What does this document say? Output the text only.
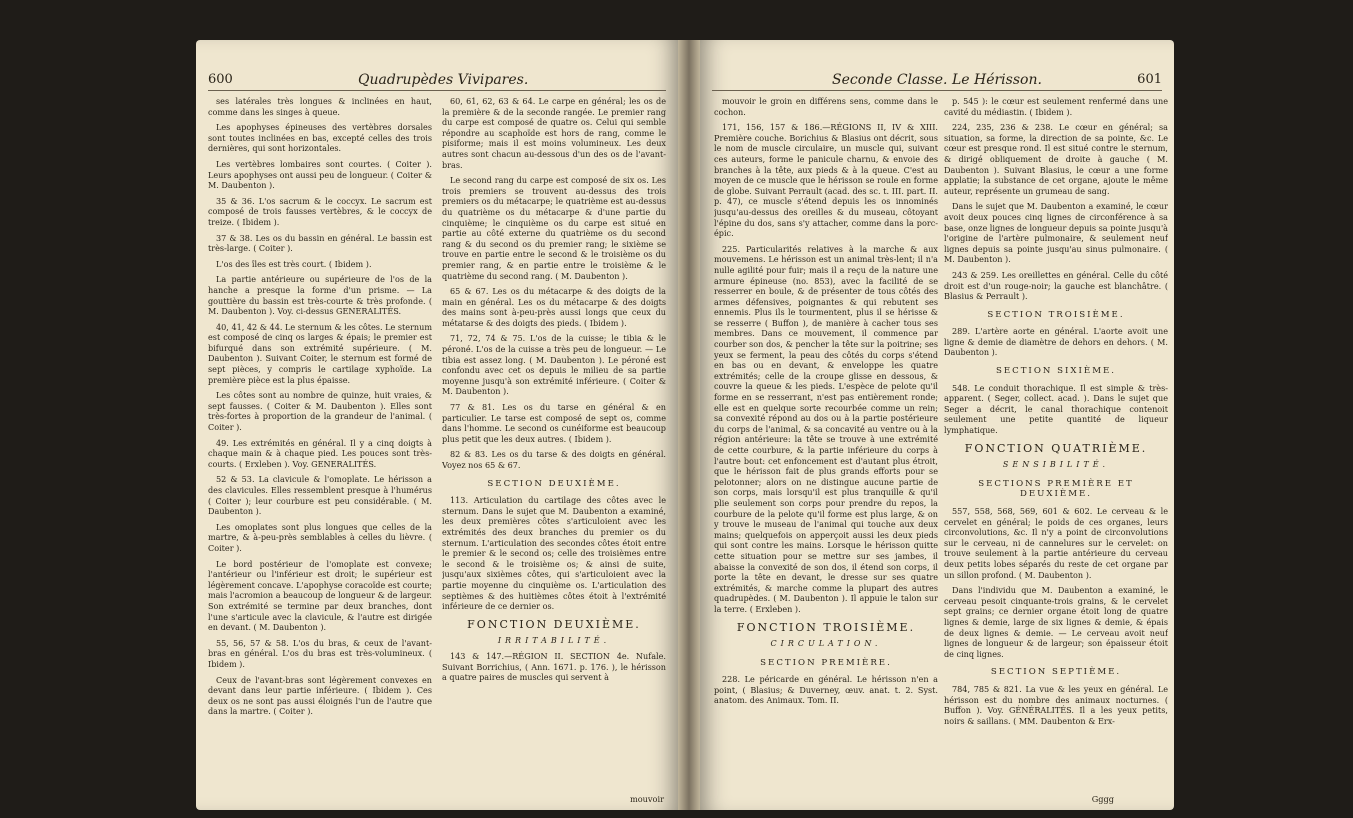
600	Quadrupèdes Vivipares.

ses latérales très longues & inclinées en haut, comme dans les singes à queue.

Les apophyses épineuses des vertèbres dorsales sont toutes inclinées en bas, excepté celles des trois dernières, qui sont horizontales.

Les vertèbres lombaires sont courtes. ( Coiter ). Leurs apophyses ont aussi peu de longueur. ( Coiter & M. Daubenton ).

35 & 36. L'os sacrum & le coccyx. Le sacrum est composé de trois fausses vertèbres, & le coccyx de treize. ( Ibidem ).

37 & 38. Les os du bassin en général. Le bassin est très-large. ( Coiter ).

L'os des îles est très court. ( Ibidem ).

La partie antérieure ou supérieure de l'os de la hanche a presque la forme d'un prisme. — La gouttière du bassin est très-courte & très profonde. ( M. Daubenton ). Voy. ci-dessus GENERALITÉS.

40, 41, 42 & 44. Le sternum & les côtes. Le sternum est composé de cinq os larges & épais; le premier est bifurqué dans son extrémité supérieure. ( M. Daubenton ). Suivant Coiter, le sternum est formé de sept pièces, y compris le cartilage xyphoïde. La première pièce est la plus épaisse.

Les côtes sont au nombre de quinze, huit vraies, & sept fausses. ( Coiter & M. Daubenton ). Elles sont très-fortes à proportion de la grandeur de l'animal. ( Coiter ).

49. Les extrémités en général. Il y a cinq doigts à chaque main & à chaque pied. Les pouces sont très-courts. ( Erxleben ). Voy. GENERALITÉS.

52 & 53. La clavicule & l'omoplate. Le hérisson a des clavicules. Elles ressemblent presque à l'humérus ( Coiter ); leur courbure est peu considérable. ( M. Daubenton ).

Les omoplates sont plus longues que celles de la martre, & à-peu-près semblables à celles du lièvre. ( Coiter ).

Le bord postérieur de l'omoplate est convexe; l'antérieur ou l'inférieur est droit; le supérieur est légèrement concave. L'apophyse coracoïde est courte; mais l'acromion a beaucoup de longueur & de largeur. Son extrémité se termine par deux branches, dont l'une s'articule avec la clavicule, & l'autre est dirigée en devant. ( M. Daubenton ).

55, 56, 57 & 58. L'os du bras, & ceux de l'avant-bras en général. L'os du bras est très-volumineux. ( Ibidem ).

Ceux de l'avant-bras sont légèrement convexes en devant dans leur partie inférieure. ( Ibidem ). Ces deux os ne sont pas aussi éloignés l'un de l'autre que dans la martre. ( Coiter ).

60, 61, 62, 63 & 64. Le carpe en général; les os de la première & de la seconde rangée. Le premier rang du carpe est composé de quatre os. Celui qui semble répondre au scaphoïde est hors de rang, comme le pisiforme; mais il est moins volumineux. Les deux autres sont chacun au-dessous d'un des os de l'avant-bras.

Le second rang du carpe est composé de six os. Les trois premiers se trouvent au-dessus des trois premiers os du métacarpe; le quatrième est au-dessus du quatrième os du métacarpe & d'une partie du cinquième; le cinquième os du carpe est situé en partie au côté externe du quatrième os du second rang & du second os du premier rang; le sixième se trouve en partie entre le second & le troisième os du premier rang, & en partie entre le troisième & le quatrième du second rang. ( M. Daubenton ).

65 & 67. Les os du métacarpe & des doigts de la main en général. Les os du métacarpe & des doigts des mains sont à-peu-près aussi longs que ceux du métatarse & des doigts des pieds. ( Ibidem ).

71, 72, 74 & 75. L'os de la cuisse; le tibia & le péroné. L'os de la cuisse a très peu de longueur. — Le tibia est assez long. ( M. Daubenton ). Le péroné est confondu avec cet os depuis le milieu de sa partie moyenne jusqu'à son extrémité inférieure. ( Coiter & M. Daubenton ).

77 & 81. Les os du tarse en général & en particulier. Le tarse est composé de sept os, comme dans l'homme. Le second os cunéiforme est beaucoup plus petit que les deux autres. ( Ibidem ).

82 & 83. Les os du tarse & des doigts en général. Voyez nos 65 & 67.

SECTION DEUXIÈME.

113. Articulation du cartilage des côtes avec le sternum. Dans le sujet que M. Daubenton a examiné, les deux premières côtes s'articuloient avec les extrémités des deux branches du premier os du sternum. L'articulation des secondes côtes étoit entre le premier & le second os; celle des troisièmes entre le second & le troisième os; & ainsi de suite, jusqu'aux sixièmes côtes, qui s'articuloient avec la partie moyenne du cinquième os. L'articulation des septièmes & des huitièmes côtes étoit à l'extrémité inférieure de ce dernier os.

FONCTION DEUXIÈME.
IRRITABILITÉ.

143 & 147.—RÉGION II. SECTION 4e. Nufale. Suivant Borrichius, ( Ann. 1671. p. 176. ), le hérisson a quatre paires de muscles qui servent à

mouvoir
Seconde Classe. Le Hérisson.	601

mouvoir le groin en différens sens, comme dans le cochon.

171, 156, 157 & 186.—RÉGIONS II, IV & XIII. Première couche. Borichius & Blasius ont décrit, sous le nom de muscle circulaire, un muscle qui, suivant ces auteurs, forme le panicule charnu, & envoie des branches à la tête, aux pieds & à la queue. C'est au moyen de ce muscle que le hérisson se roule en forme de globe. Suivant Perrault (acad. des sc. t. III. part. II. p. 47), ce muscle s'étend depuis les os innominés jusqu'au-dessus des oreilles & du museau, côtoyant l'épine du dos, sans s'y attacher, comme dans la porc-épic.

225. Particularités relatives à la marche & aux mouvemens. Le hérisson est un animal très-lent; il n'a nulle agilité pour fuir; mais il a reçu de la nature une armure épineuse (no. 853), avec la facilité de se resserrer en boule, & de présenter de tous côtés des armes défensives, poignantes & qui rebutent ses ennemis. Plus ils le tourmentent, plus il se hérisse & se resserre ( Buffon ), de manière à cacher tous ses membres. Dans ce mouvement, il commence par courber son dos, & pencher la tête sur la poitrine; ses yeux se ferment, la peau des côtés du corps s'étend en bas ou en devant, & enveloppe les quatre extrémités; celle de la croupe glisse en dessous, & couvre la queue & les pieds. L'espèce de pelote qu'il forme en se resserrant, n'est pas entièrement ronde; elle est en quelque sorte recourbée comme un rein; sa convexité répond au dos ou à la partie postérieure du corps de l'animal, & sa concavité au ventre ou à la région antérieure: la tête se trouve à une extrémité de cette courbure, & la partie inférieure du corps à l'autre bout: cet enfoncement est d'autant plus étroit, que le hérisson fait de plus grands efforts pour se pelotonner; alors on ne distingue aucune partie de son corps, mais lorsqu'il est plus tranquille & qu'il plie seulement son corps pour prendre du repos, la courbure de la pelote qu'il forme est plus large, & on y trouve le museau de l'animal qui touche aux deux mains; quelquefois on apperçoit aussi les deux pieds qui sont contre les mains. Lorsque le hérisson quitte cette situation pour se mettre sur ses jambes, il abaisse la convexité de son dos, il étend son corps, il porte la tête en devant, le dresse sur ses quatre extrémités, & marche comme la plupart des autres quadrupèdes. ( M. Daubenton ). Il appuie le talon sur la terre. ( Erxleben ).

FONCTION TROISIÈME.
CIRCULATION.
SECTION PREMIÈRE.

228. Le péricarde en général. Le hérisson n'en a point, ( Blasius; & Duverney, œuv. anat. t. 2. Syst. anatom. des Animaux. Tom. II.

p. 545 ): le cœur est seulement renfermé dans une cavité du médiastin. ( Ibidem ).

224, 235, 236 & 238. Le cœur en général; sa situation, sa forme, la direction de sa pointe, &c. Le cœur est presque rond. Il est situé contre le sternum, & dirigé obliquement de droite à gauche ( M. Daubenton ). Suivant Blasius, le cœur a une forme applatie; la substance de cet organe, ajoute le même auteur, représente un grumeau de sang.

Dans le sujet que M. Daubenton a examiné, le cœur avoit deux pouces cinq lignes de circonférence à sa base, onze lignes de longueur depuis sa pointe jusqu'à l'origine de l'artère pulmonaire, & seulement neuf lignes depuis sa pointe jusqu'au sinus pulmonaire. ( M. Daubenton ).

243 & 259. Les oreillettes en général. Celle du côté droit est d'un rouge-noir; la gauche est blanchâtre. ( Blasius & Perrault ).

SECTION TROISIÈME.

289. L'artère aorte en général. L'aorte avoit une ligne & demie de diamètre de dehors en dehors. ( M. Daubenton ).

SECTION SIXIÈME.

548. Le conduit thorachique. Il est simple & très-apparent. ( Seger, collect. acad. ). Dans le sujet que Seger a décrit, le canal thorachique contenoit seulement une petite quantité de liqueur lymphatique.

FONCTION QUATRIÈME.
SENSIBILITÉ.
SECTIONS PREMIÈRE ET DEUXIÈME.

557, 558, 568, 569, 601 & 602. Le cerveau & le cervelet en général; le poids de ces organes, leurs circonvolutions, &c. Il n'y a point de circonvolutions sur le cerveau, ni de cannelures sur le cervelet: on trouve seulement à la partie antérieure du cerveau deux petits lobes séparés du reste de cet organe par un sillon profond. ( M. Daubenton ).

Dans l'individu que M. Daubenton a examiné, le cerveau pesoit cinquante-trois grains, & le cervelet sept grains; ce dernier organe étoit long de quatre lignes & demie, large de six lignes & demie, & épais de deux lignes & demie. — Le cerveau avoit neuf lignes de longueur & de largeur; son épaisseur étoit de cinq lignes.

SECTION SEPTIÈME.

784, 785 & 821. La vue & les yeux en général. Le hérisson est du nombre des animaux nocturnes. ( Buffon ). Voy. GÉNÉRALITÉS. Il a les yeux petits, noirs & saillans. ( MM. Daubenton & Erx-

Gggg
